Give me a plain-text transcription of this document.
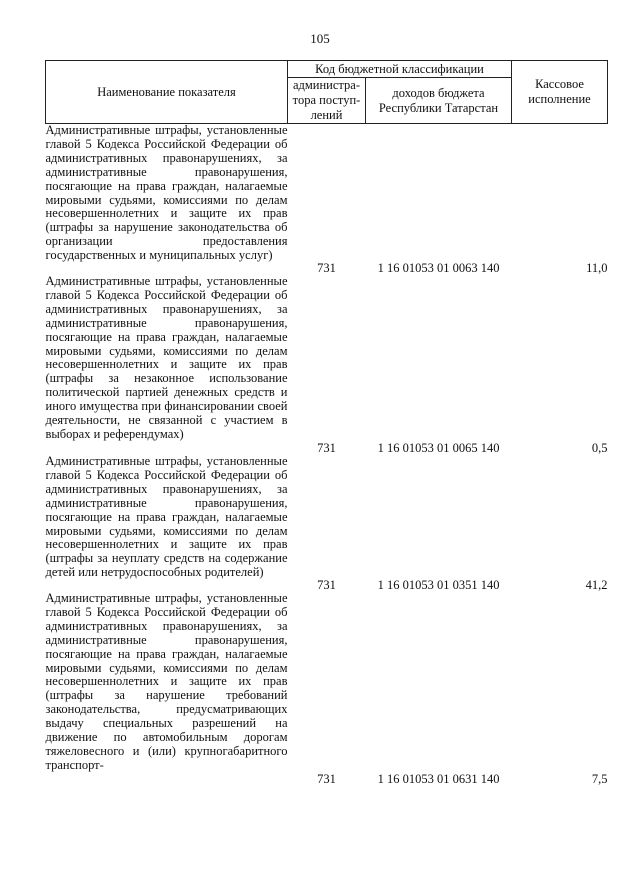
105
Наименование показателя	Код бюджетной классификации		Кассовое исполнение
	администра-тора поступ-лений	доходов бюджета Республики Татарстан	

Административные штрафы, установленные главой 5 Кодекса Российской Федерации об административных правонарушениях, за административные правонарушения, посягающие на права граждан, налагаемые мировыми судьями, комиссиями по делам несовершеннолетних и защите их прав (штрафы за нарушение законодательства об организации предоставления государственных и муниципальных услуг)	731	1 16 01053 01 0063 140	11,0

Административные штрафы, установленные главой 5 Кодекса Российской Федерации об административных правонарушениях, за административные правонарушения, посягающие на права граждан, налагаемые мировыми судьями, комиссиями по делам несовершеннолетних и защите их прав (штрафы за незаконное использование политической партией денежных средств и иного имущества при финансировании своей деятельности, не связанной с участием в выборах и референдумах)	731	1 16 01053 01 0065 140	0,5

Административные штрафы, установленные главой 5 Кодекса Российской Федерации об административных правонарушениях, за административные правонарушения, посягающие на права граждан, налагаемые мировыми судьями, комиссиями по делам несовершеннолетних и защите их прав (штрафы за неуплату средств на содержание детей или нетрудоспособных родителей)	731	1 16 01053 01 0351 140	41,2

Административные штрафы, установленные главой 5 Кодекса Российской Федерации об административных правонарушениях, за административные правонарушения, посягающие на права граждан, налагаемые мировыми судьями, комиссиями по делам несовершеннолетних и защите их прав (штрафы за нарушение требований законодательства, предусматривающих выдачу специальных разрешений на движение по автомобильным дорогам тяжеловесного и (или) крупногабаритного транспорт-	731	1 16 01053 01 0631 140	7,5
